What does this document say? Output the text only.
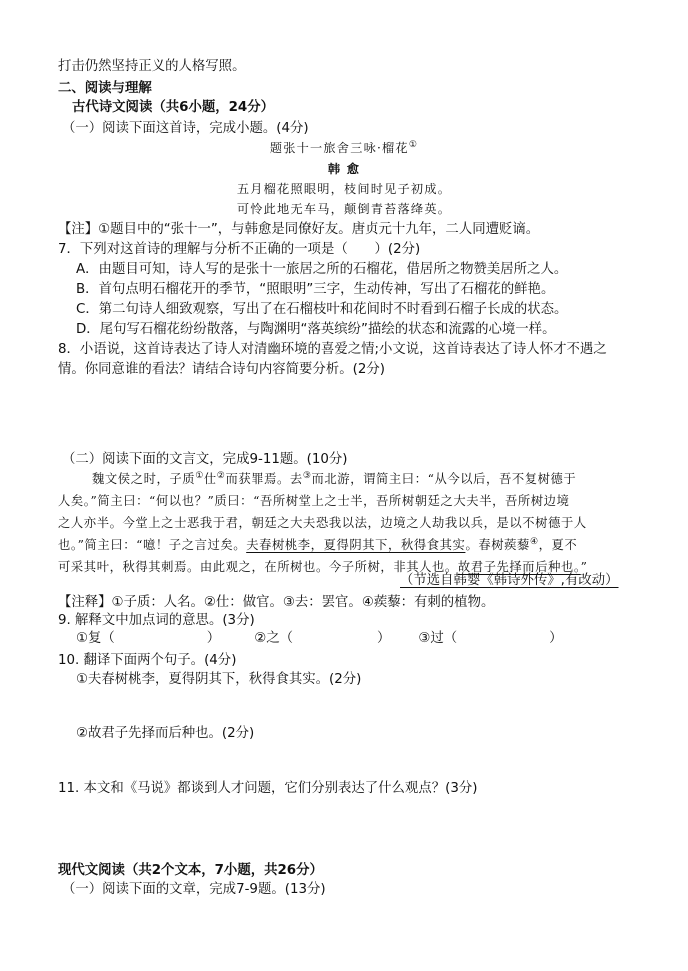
打击仍然坚持正义的人格写照。
二、阅读与理解
古代诗文阅读（共6小题，24分）
（一）阅读下面这首诗，完成小题。(4分)
题张十一旅舍三咏·榴花①
韩 愈
五月榴花照眼明，枝间时见子初成。
可怜此地无车马，颠倒青苔落绛英。
【注】①题目中的“张十一”，与韩愈是同僚好友。唐贞元十九年，二人同遭贬谪。
7．下列对这首诗的理解与分析不正确的一项是（　　）(2分)
A．由题目可知，诗人写的是张十一旅居之所的石榴花，借居所之物赞美居所之人。
B．首句点明石榴花开的季节，“照眼明”三字，生动传神，写出了石榴花的鲜艳。
C．第二句诗人细致观察，写出了在石榴枝叶和花间时不时看到石榴子长成的状态。
D．尾句写石榴花纷纷散落，与陶渊明“落英缤纷”描绘的状态和流露的心境一样。
8．小语说，这首诗表达了诗人对清幽环境的喜爱之情;小文说，这首诗表达了诗人怀才不遇之
情。你同意谁的看法？请结合诗句内容简要分析。(2分)
（二）阅读下面的文言文，完成9-11题。(10分)
魏文侯之时，子质①仕②而获罪焉。去③而北游，谓简主曰：“从今以后，吾不复树德于
人矣。”简主曰：“何以也？”质曰：“吾所树堂上之士半，吾所树朝廷之大夫半，吾所树边境
之人亦半。今堂上之士恶我于君，朝廷之大夫恐我以法，边境之人劫我以兵，是以不树德于人
也。”简主曰：“噫！子之言过矣。夫春树桃李，夏得阴其下，秋得食其实。春树蒺藜④，夏不
可采其叶，秋得其刺焉。由此观之，在所树也。今子所树，非其人也。故君子先择而后种也。”
（节选自韩婴《韩诗外传》,有改动）
【注释】①子质：人名。②仕：做官。③去：罢官。④蒺藜：有刺的植物。
9. 解释文中加点词的意思。(3分)
①复（	）	②之（	） ③过（	）
10. 翻译下面两个句子。(4分)
①夫春树桃李，夏得阴其下，秋得食其实。(2分)
②故君子先择而后种也。(2分)
11. 本文和《马说》都谈到人才问题，它们分别表达了什么观点？(3分)
现代文阅读（共2个文本，7小题，共26分）
（一）阅读下面的文章，完成7-9题。(13分)
